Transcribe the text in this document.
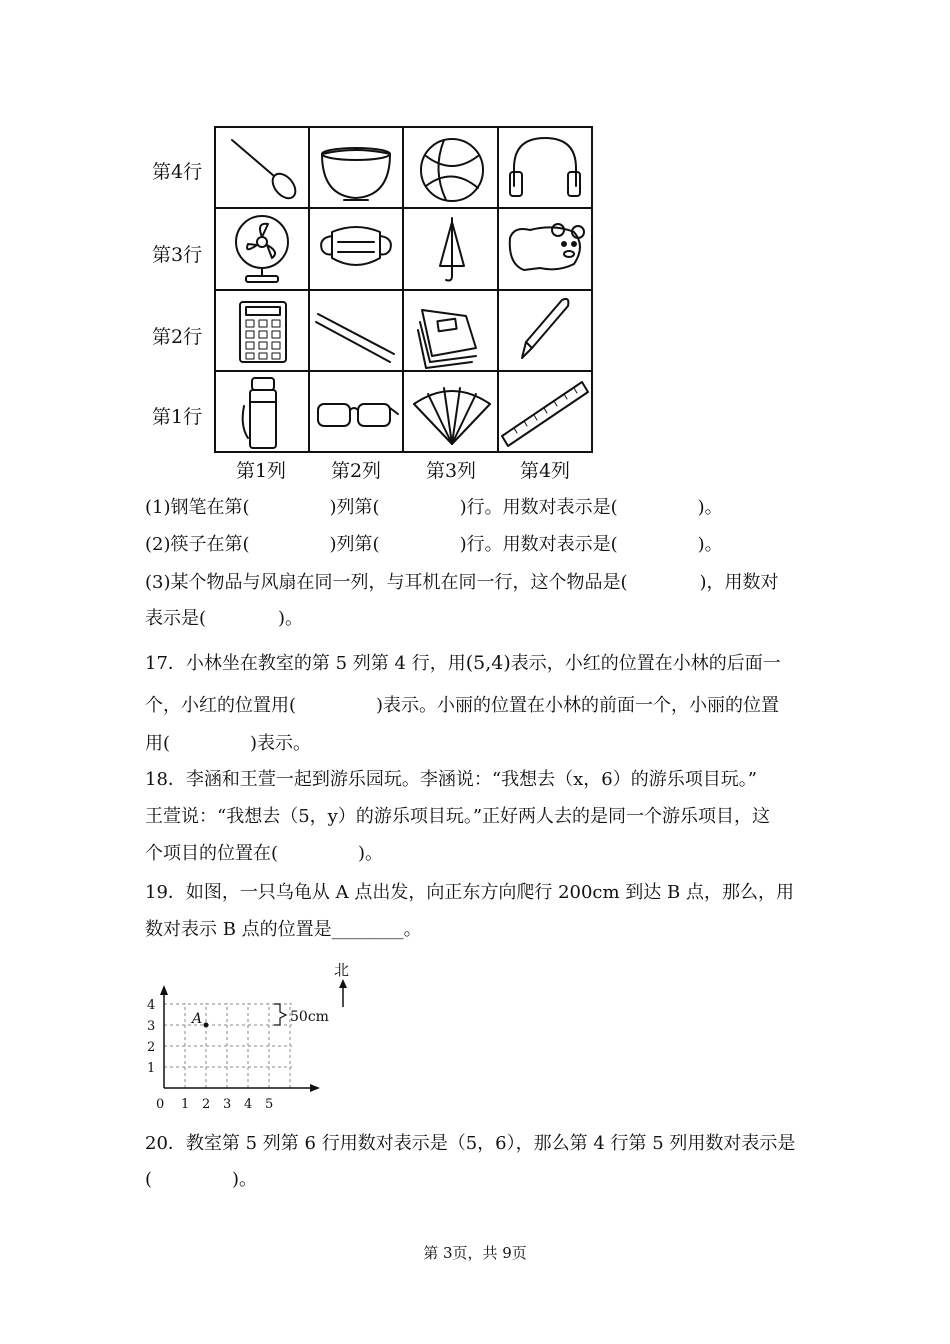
第4行
第3行
第2行
第1行
第1列	第2列	第3列	第4列
(1)钢笔在第(	)列第(	)行。用数对表示是(	)。
(2)筷子在第(	)列第(	)行。用数对表示是(	)。
(3)某个物品与风扇在同一列，与耳机在同一行，这个物品是(	)，用数对
表示是(	)。
17．小林坐在教室的第 5 列第 4 行，用(5,4)表示，小红的位置在小林的后面一
个，小红的位置用(	)表示。小丽的位置在小林的前面一个，小丽的位置
用(	)表示。
18．李涵和王萱一起到游乐园玩。李涵说：“我想去（x，6）的游乐项目玩。”
王萱说：“我想去（5，y）的游乐项目玩。”正好两人去的是同一个游乐项目，这
个项目的位置在(	)。
19．如图，一只乌龟从 A 点出发，向正东方向爬行 200cm 到达 B 点，那么，用
数对表示 B 点的位置是________。
0 1 2 3 4 5
1
2
3
4
A	50cm
北
20．教室第 5 列第 6 行用数对表示是（5，6），那么第 4 行第 5 列用数对表示是
(	)。
第 3页，共 9页
